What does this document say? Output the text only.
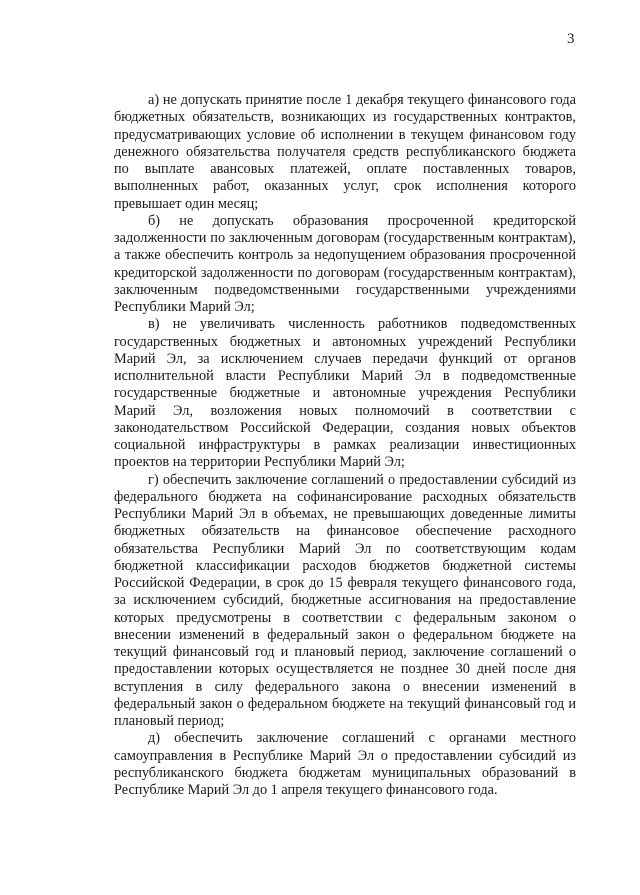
3

а) не допускать принятие после 1 декабря текущего финансового года бюджетных обязательств, возникающих из государственных контрактов, предусматривающих условие об исполнении в текущем финансовом году денежного обязательства получателя средств республиканского бюджета по выплате авансовых платежей, оплате поставленных товаров, выполненных работ, оказанных услуг, срок исполнения которого превышает один месяц;

б) не допускать образования просроченной кредиторской задолженности по заключенным договорам (государственным контрактам), а также обеспечить контроль за недопущением образования просроченной кредиторской задолженности по договорам (государственным контрактам), заключенным подведомственными государственными учреждениями Республики Марий Эл;

в) не увеличивать численность работников подведомственных государственных бюджетных и автономных учреждений Республики Марий Эл, за исключением случаев передачи функций от органов исполнительной власти Республики Марий Эл в подведомственные государственные бюджетные и автономные учреждения Республики Марий Эл, возложения новых полномочий в соответствии с законодательством Российской Федерации, создания новых объектов социальной инфраструктуры в рамках реализации инвестиционных проектов на территории Республики Марий Эл;

г) обеспечить заключение соглашений о предоставлении субсидий из федерального бюджета на софинансирование расходных обязательств Республики Марий Эл в объемах, не превышающих доведенные лимиты бюджетных обязательств на финансовое обеспечение расходного обязательства Республики Марий Эл по соответствующим кодам бюджетной классификации расходов бюджетов бюджетной системы Российской Федерации, в срок до 15 февраля текущего финансового года, за исключением субсидий, бюджетные ассигнования на предоставление которых предусмотрены в соответствии с федеральным законом о внесении изменений в федеральный закон о федеральном бюджете на текущий финансовый год и плановый период, заключение соглашений о предоставлении которых осуществляется не позднее 30 дней после дня вступления в силу федерального закона о внесении изменений в федеральный закон о федеральном бюджете на текущий финансовый год и плановый период;

д) обеспечить заключение соглашений с органами местного самоуправления в Республике Марий Эл о предоставлении субсидий из республиканского бюджета бюджетам муниципальных образований в Республике Марий Эл до 1 апреля текущего финансового года.
